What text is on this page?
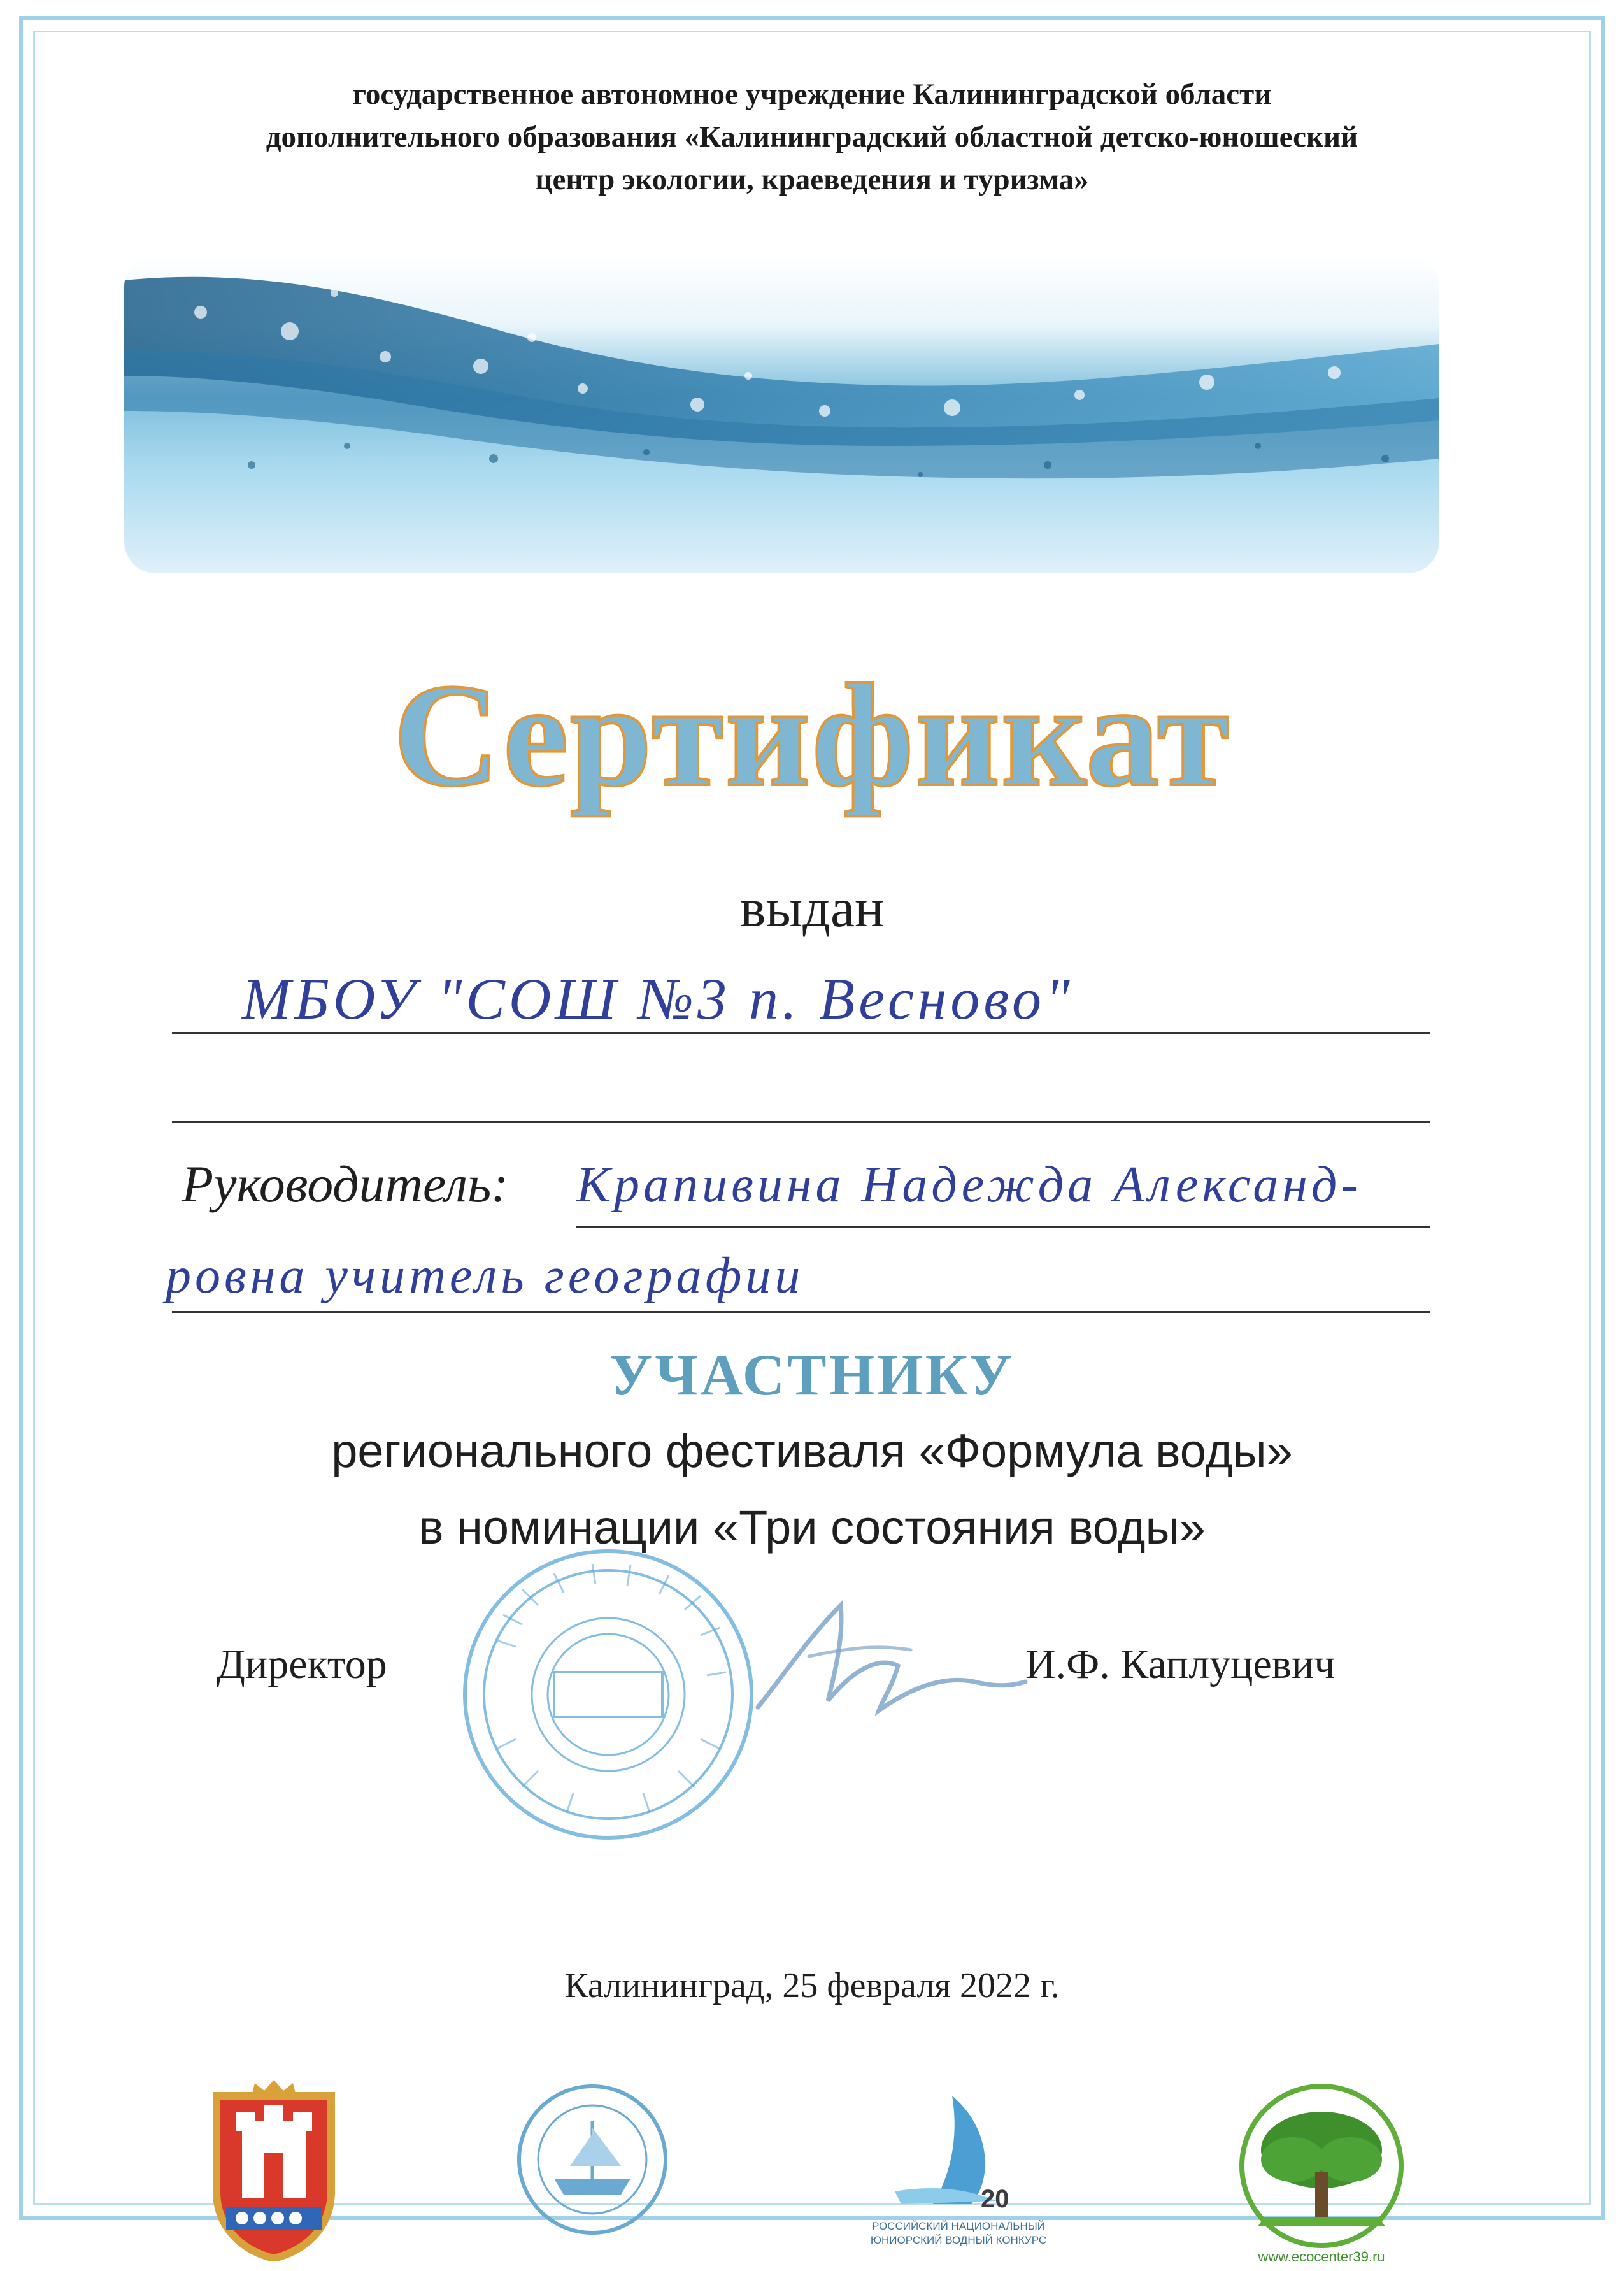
государственное автономное учреждение Калининградской области
дополнительного образования «Калининградский областной детско-юношеский
центр экологии, краеведения и туризма»
Сертификат
выдан
МБОУ "СОШ №3 п. Весново"
Руководитель: Крапивина Надежда Александ-
ровна учитель географии
УЧАСТНИКУ
регионального фестиваля «Формула воды»
в номинации «Три состояния воды»
Директор	И.Ф. Каплуцевич
Калининград, 25 февраля 2022 г.
20
РОССИЙСКИЙ НАЦИОНАЛЬНЫЙ
ЮНИОРСКИЙ ВОДНЫЙ КОНКУРС
www.ecocenter39.ru
